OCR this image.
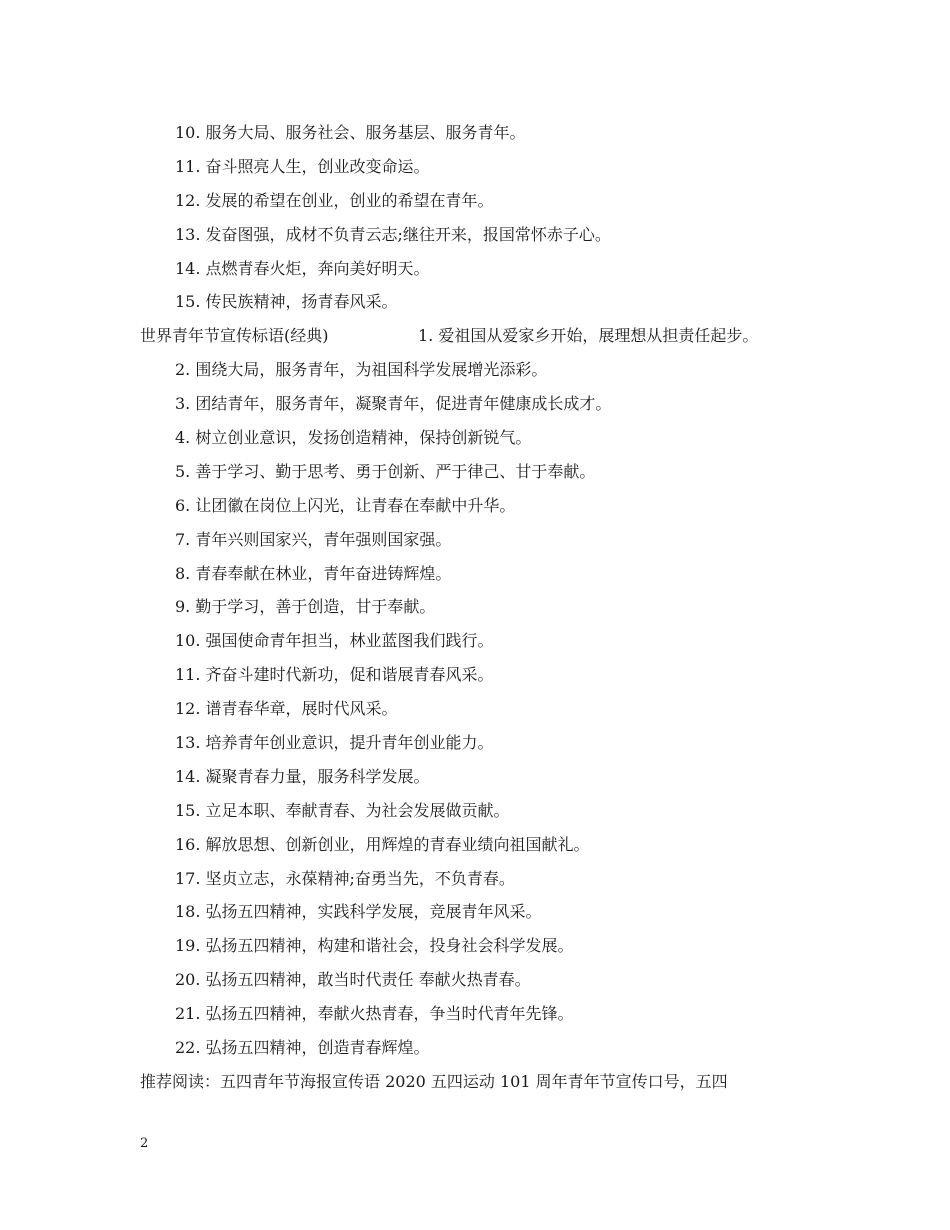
10. 服务大局、服务社会、服务基层、服务青年。
11. 奋斗照亮人生，创业改变命运。
12. 发展的希望在创业，创业的希望在青年。
13. 发奋图强，成材不负青云志;继往开来，报国常怀赤子心。
14. 点燃青春火炬，奔向美好明天。
15. 传民族精神，扬青春风采。
世界青年节宣传标语(经典)	1. 爱祖国从爱家乡开始，展理想从担责任起步。
2. 围绕大局，服务青年，为祖国科学发展增光添彩。
3. 团结青年，服务青年，凝聚青年，促进青年健康成长成才。
4. 树立创业意识，发扬创造精神，保持创新锐气。
5. 善于学习、勤于思考、勇于创新、严于律己、甘于奉献。
6. 让团徽在岗位上闪光，让青春在奉献中升华。
7. 青年兴则国家兴，青年强则国家强。
8. 青春奉献在林业，青年奋进铸辉煌。
9. 勤于学习，善于创造，甘于奉献。
10. 强国使命青年担当，林业蓝图我们践行。
11. 齐奋斗建时代新功，促和谐展青春风采。
12. 谱青春华章，展时代风采。
13. 培养青年创业意识，提升青年创业能力。
14. 凝聚青春力量，服务科学发展。
15. 立足本职、奉献青春、为社会发展做贡献。
16. 解放思想、创新创业，用辉煌的青春业绩向祖国献礼。
17. 坚贞立志，永葆精神;奋勇当先，不负青春。
18. 弘扬五四精神，实践科学发展，竞展青年风采。
19. 弘扬五四精神，构建和谐社会，投身社会科学发展。
20. 弘扬五四精神，敢当时代责任 奉献火热青春。
21. 弘扬五四精神，奉献火热青春，争当时代青年先锋。
22. 弘扬五四精神，创造青春辉煌。
推荐阅读：五四青年节海报宣传语 2020 五四运动 101 周年青年节宣传口号，五四
2
